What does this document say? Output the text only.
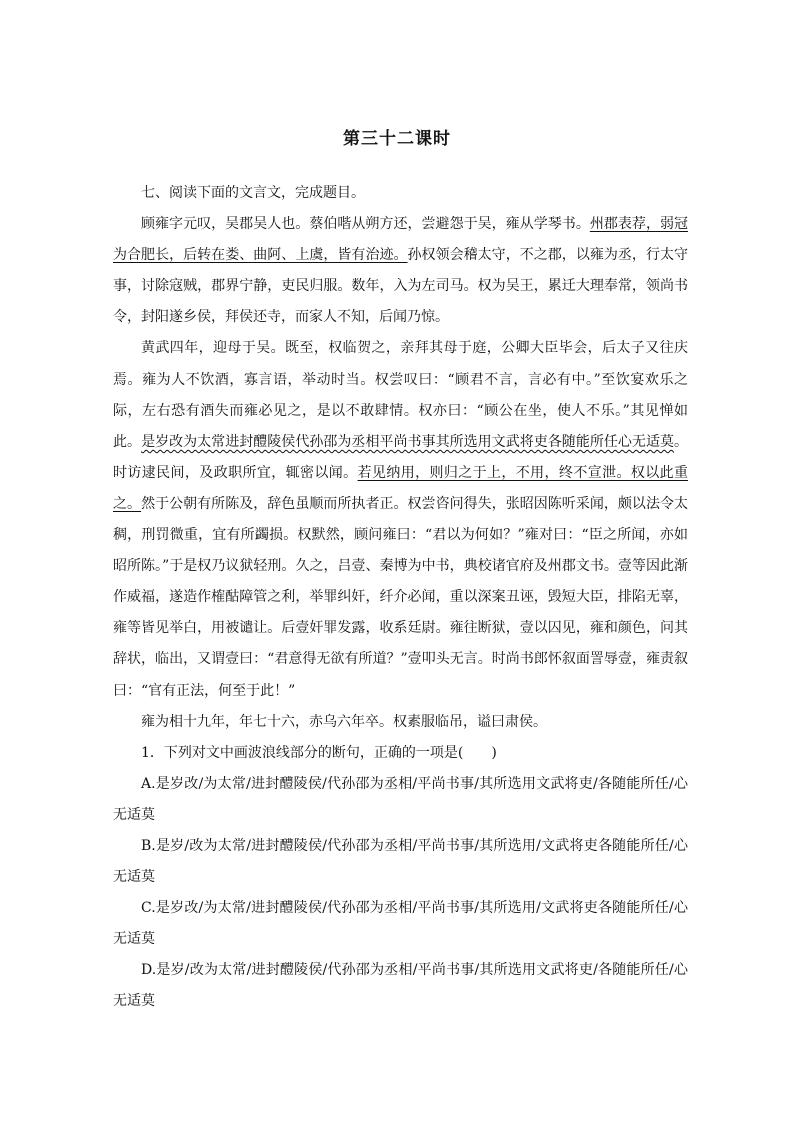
第三十二课时

七、阅读下面的文言文，完成题目。

顾雍字元叹，吴郡吴人也。蔡伯喈从朔方还，尝避怨于吴，雍从学琴书。州郡表荐，弱冠为合肥长，后转在娄、曲阿、上虞，皆有治迹。孙权领会稽太守，不之郡，以雍为丞，行太守事，讨除寇贼，郡界宁静，吏民归服。数年，入为左司马。权为吴王，累迁大理奉常，领尚书令，封阳遂乡侯，拜侯还寺，而家人不知，后闻乃惊。

黄武四年，迎母于吴。既至，权临贺之，亲拜其母于庭，公卿大臣毕会，后太子又往庆焉。雍为人不饮酒，寡言语，举动时当。权尝叹曰：“顾君不言，言必有中。”至饮宴欢乐之际，左右恐有酒失而雍必见之，是以不敢肆情。权亦曰：“顾公在坐，使人不乐。”其见惮如此。是岁改为太常进封醴陵侯代孙邵为丞相平尚书事其所选用文武将吏各随能所任心无适莫。时访逮民间，及政职所宜，辄密以闻。若见纳用，则归之于上，不用，终不宣泄。权以此重之。然于公朝有所陈及，辞色虽顺而所执者正。权尝咨问得失，张昭因陈听采闻，颇以法令太稠，刑罚微重，宜有所蠲损。权默然，顾问雍曰：“君以为何如？”雍对曰：“臣之所闻，亦如昭所陈。”于是权乃议狱轻刑。久之，吕壹、秦博为中书，典校诸官府及州郡文书。壹等因此渐作威福，遂造作榷酤障管之利，举罪纠奸，纤介必闻，重以深案丑诬，毁短大臣，排陷无辜，雍等皆见举白，用被谴让。后壹奸罪发露，收系廷尉。雍往断狱，壹以囚见，雍和颜色，问其辞状，临出，又谓壹曰：“君意得无欲有所道？”壹叩头无言。时尚书郎怀叙面詈辱壹，雍责叙曰：“官有正法，何至于此！”

雍为相十九年，年七十六，赤乌六年卒。权素服临吊，谥曰肃侯。

1．下列对文中画波浪线部分的断句，正确的一项是(　　)

A.是岁改/为太常/进封醴陵侯/代孙邵为丞相/平尚书事/其所选用文武将吏/各随能所任/心无适莫

B.是岁/改为太常/进封醴陵侯/代孙邵为丞相/平尚书事/其所选用/文武将吏各随能所任/心无适莫

C.是岁改/为太常/进封醴陵侯/代孙邵为丞相/平尚书事/其所选用/文武将吏各随能所任/心无适莫

D.是岁/改为太常/进封醴陵侯/代孙邵为丞相/平尚书事/其所选用文武将吏/各随能所任/心无适莫
